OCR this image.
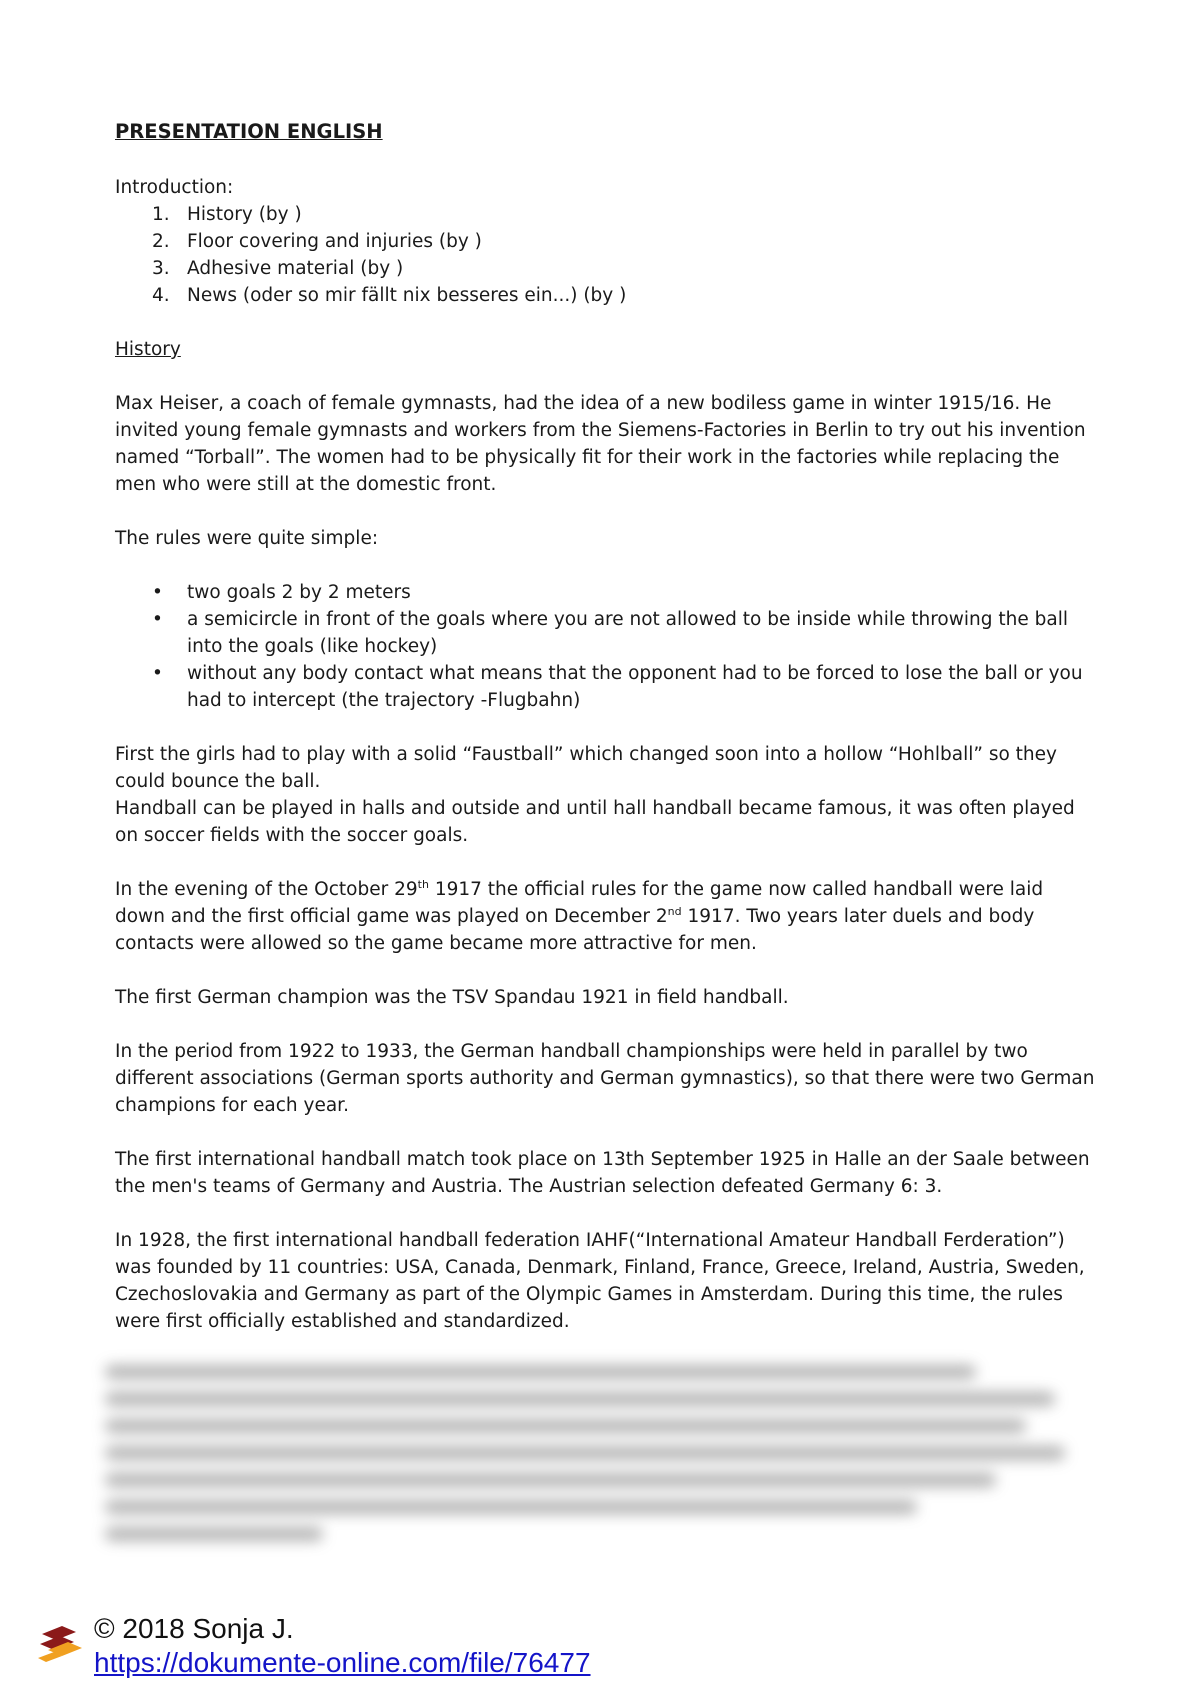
PRESENTATION ENGLISH
Introduction:
1. History (by )
2. Floor covering and injuries (by )
3. Adhesive material (by )
4. News (oder so mir fällt nix besseres ein...) (by )
History
Max Heiser, a coach of female gymnasts, had the idea of a new bodiless game in winter 1915/16. He invited young female gymnasts and workers from the Siemens-Factories in Berlin to try out his invention named “Torball”. The women had to be physically fit for their work in the factories while replacing the men who were still at the domestic front.
The rules were quite simple:
• two goals 2 by 2 meters
• a semicircle in front of the goals where you are not allowed to be inside while throwing the ball into the goals (like hockey)
• without any body contact what means that the opponent had to be forced to lose the ball or you had to intercept (the trajectory -Flugbahn)
First the girls had to play with a solid “Faustball” which changed soon into a hollow “Hohlball” so they could bounce the ball.
Handball can be played in halls and outside and until hall handball became famous, it was often played on soccer fields with the soccer goals.
In the evening of the October 29th 1917 the official rules for the game now called handball were laid down and the first official game was played on December 2nd 1917. Two years later duels and body contacts were allowed so the game became more attractive for men.
The first German champion was the TSV Spandau 1921 in field handball.
In the period from 1922 to 1933, the German handball championships were held in parallel by two different associations (German sports authority and German gymnastics), so that there were two German champions for each year.
The first international handball match took place on 13th September 1925 in Halle an der Saale between the men's teams of Germany and Austria. The Austrian selection defeated Germany 6: 3.
In 1928, the first international handball federation IAHF(“International Amateur Handball Ferderation”) was founded by 11 countries: USA, Canada, Denmark, Finland, France, Greece, Ireland, Austria, Sweden, Czechoslovakia and Germany as part of the Olympic Games in Amsterdam. During this time, the rules were first officially established and standardized.
© 2018 Sonja J.
https://dokumente-online.com/file/76477
